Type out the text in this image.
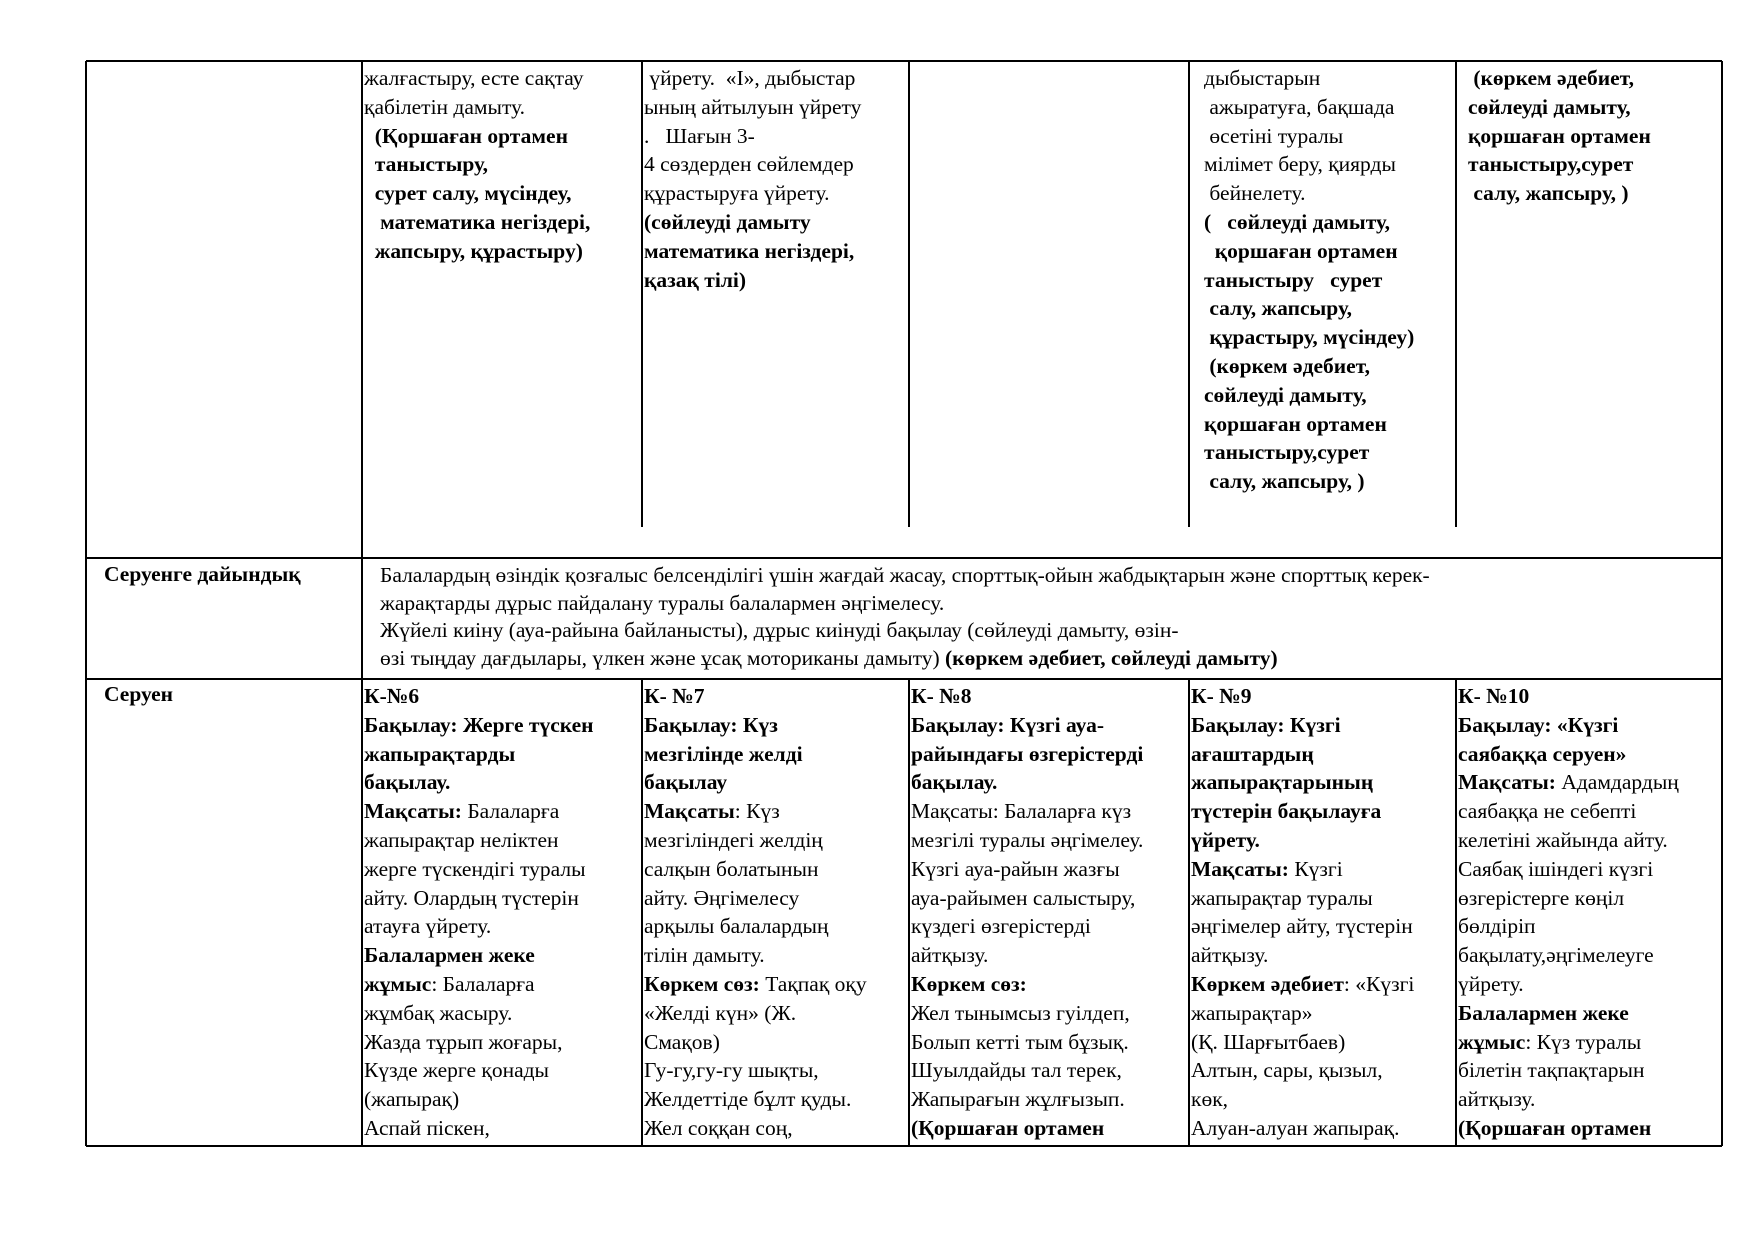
жалғастыру, есте сақтау
қабілетін дамыту.
(Қоршаған ортамен
таныстыру,
сурет салу, мүсіндеу,
математика негіздері,
жапсыру, құрастыру)
үйрету.  «І», дыбыстар
ының айтылуын үйрету
.   Шағын 3-
4 сөздерден сөйлемдер
құрастыруға үйрету.
(сөйлеуді дамыту
математика негіздері,
қазақ тілі)
дыбыстарын
ажыратуға, бақшада
өсетіні туралы
мілімет беру, қиярды
бейнелету.
(   сөйлеуді дамыту,
қоршаған ортамен
таныстыру   сурет
салу, жапсыру,
құрастыру, мүсіндеу)
(көркем әдебиет,
сөйлеуді дамыту,
қоршаған ортамен
таныстыру,сурет
салу, жапсыру, )
(көркем әдебиет,
сөйлеуді дамыту,
қоршаған ортамен
таныстыру,сурет
салу, жапсыру, )
Серуенге дайындық	Балалардың өзіндік қозғалыс белсенділігі үшін жағдай жасау, спорттық-ойын жабдықтарын және спорттық керек-
жарақтарды дұрыс пайдалану туралы балалармен әңгімелесу.
Жүйелі киіну (ауа-райына байланысты), дұрыс киінуді бақылау (сөйлеуді дамыту, өзін-
өзі тыңдау дағдылары, үлкен және ұсақ моториканы дамыту) (көркем әдебиет, сөйлеуді дамыту)
Серуен	К-№6
Бақылау: Жерге түскен
жапырақтарды
бақылау.
Мақсаты: Балаларға
жапырақтар неліктен
жерге түскендігі туралы
айту. Олардың түстерін
атауға үйрету.
Балалармен жеке
жұмыс: Балаларға
жұмбақ жасыру.
Жазда тұрып жоғары,
Күзде жерге қонады
(жапырақ)
Аспай піскен,
К- №7
Бақылау: Күз
мезгілінде желді
бақылау
Мақсаты: Күз
мезгіліндегі желдің
салқын болатынын
айту. Әңгімелесу
арқылы балалардың
тілін дамыту.
Көркем сөз: Тақпақ оқу
«Желді күн» (Ж.
Смақов)
Гу-гу,гу-гу шықты,
Желдеттіде бұлт қуды.
Жел соққан соң,
К- №8
Бақылау: Күзгі ауа-
райындағы өзгерістерді
бақылау.
Мақсаты: Балаларға күз
мезгілі туралы әңгімелеу.
Күзгі ауа-райын жазғы
ауа-райымен салыстыру,
күздегі өзгерістерді
айтқызу.
Көркем сөз:
Жел тынымсыз гуілдеп,
Болып кетті тым бұзық.
Шуылдайды тал терек,
Жапырағын жұлғызып.
(Қоршаған ортамен
К- №9
Бақылау: Күзгі
ағаштардың
жапырақтарының
түстерін бақылауға
үйрету.
Мақсаты: Күзгі
жапырақтар туралы
әңгімелер айту, түстерін
айтқызу.
Көркем әдебиет: «Күзгі
жапырақтар»
(Қ. Шарғытбаев)
Алтын, сары, қызыл,
көк,
Алуан-алуан жапырақ.
К- №10
Бақылау: «Күзгі
саябаққа серуен»
Мақсаты: Адамдардың
саябаққа не себепті
келетіні жайында айту.
Саябақ ішіндегі күзгі
өзгерістерге көңіл
бөлдіріп
бақылату,әңгімелеуге
үйрету.
Балалармен жеке
жұмыс: Күз туралы
білетін тақпақтарын
айтқызу.
(Қоршаған ортамен
